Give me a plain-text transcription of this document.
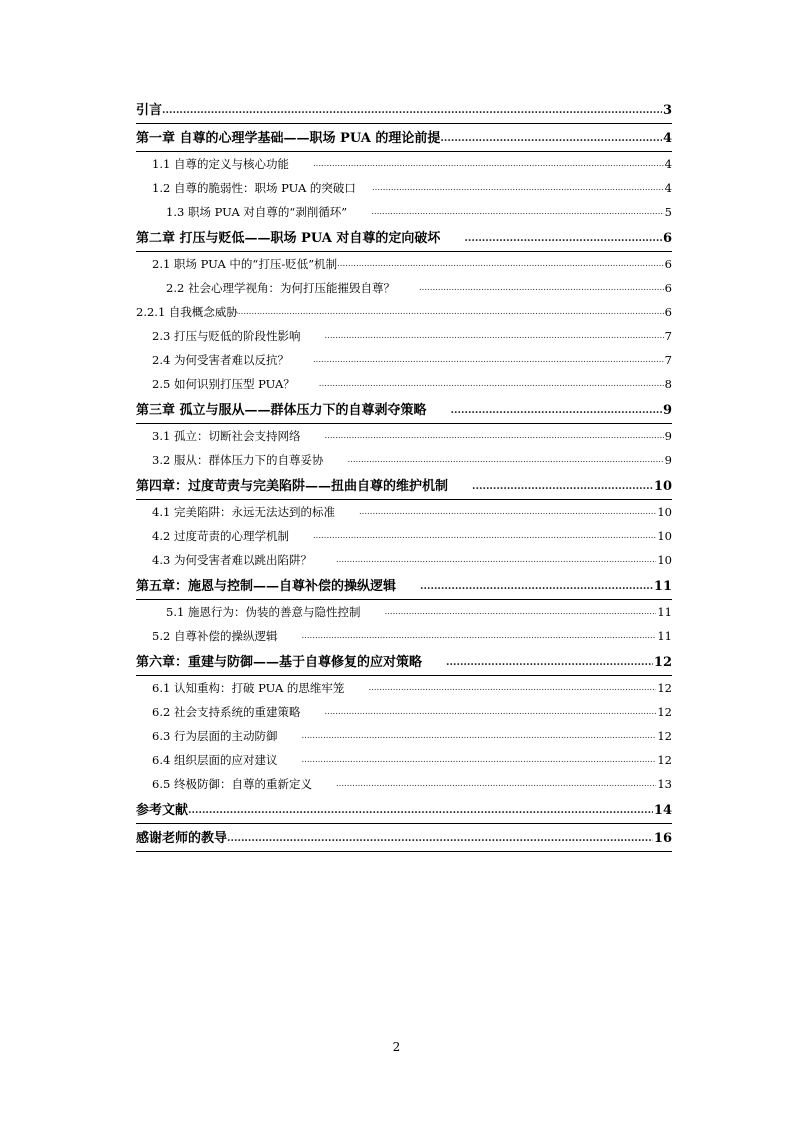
引言 .....	3
第一章 自尊的心理学基础——职场 PUA 的理论前提 .....	4
1.1 自尊的定义与核心功能 .....	4
1.2 自尊的脆弱性：职场 PUA 的突破口 .....	4
1.3 职场 PUA 对自尊的“剥削循环” .....	5
第二章 打压与贬低——职场 PUA 对自尊的定向破坏 .....	6
2.1 职场 PUA 中的“打压-贬低”机制 .....	6
2.2 社会心理学视角：为何打压能摧毁自尊？ .....	6
2.2.1 自我概念威胁 .....	6
2.3 打压与贬低的阶段性影响 .....	7
2.4 为何受害者难以反抗？ .....	7
2.5 如何识别打压型 PUA？ .....	8
第三章 孤立与服从——群体压力下的自尊剥夺策略 .....	9
3.1 孤立：切断社会支持网络 .....	9
3.2 服从：群体压力下的自尊妥协 .....	9
第四章：过度苛责与完美陷阱——扭曲自尊的维护机制 .....	10
4.1 完美陷阱：永远无法达到的标准 .....	10
4.2 过度苛责的心理学机制 .....	10
4.3 为何受害者难以跳出陷阱？ .....	10
第五章：施恩与控制——自尊补偿的操纵逻辑 .....	11
5.1 施恩行为：伪装的善意与隐性控制 .....	11
5.2 自尊补偿的操纵逻辑 .....	11
第六章：重建与防御——基于自尊修复的应对策略 .....	12
6.1 认知重构：打破 PUA 的思维牢笼 .....	12
6.2 社会支持系统的重建策略 .....	12
6.3 行为层面的主动防御 .....	12
6.4 组织层面的应对建议 .....	12
6.5 终极防御：自尊的重新定义 .....	13
参考文献 .....	14
感谢老师的教导 .....	16
2
